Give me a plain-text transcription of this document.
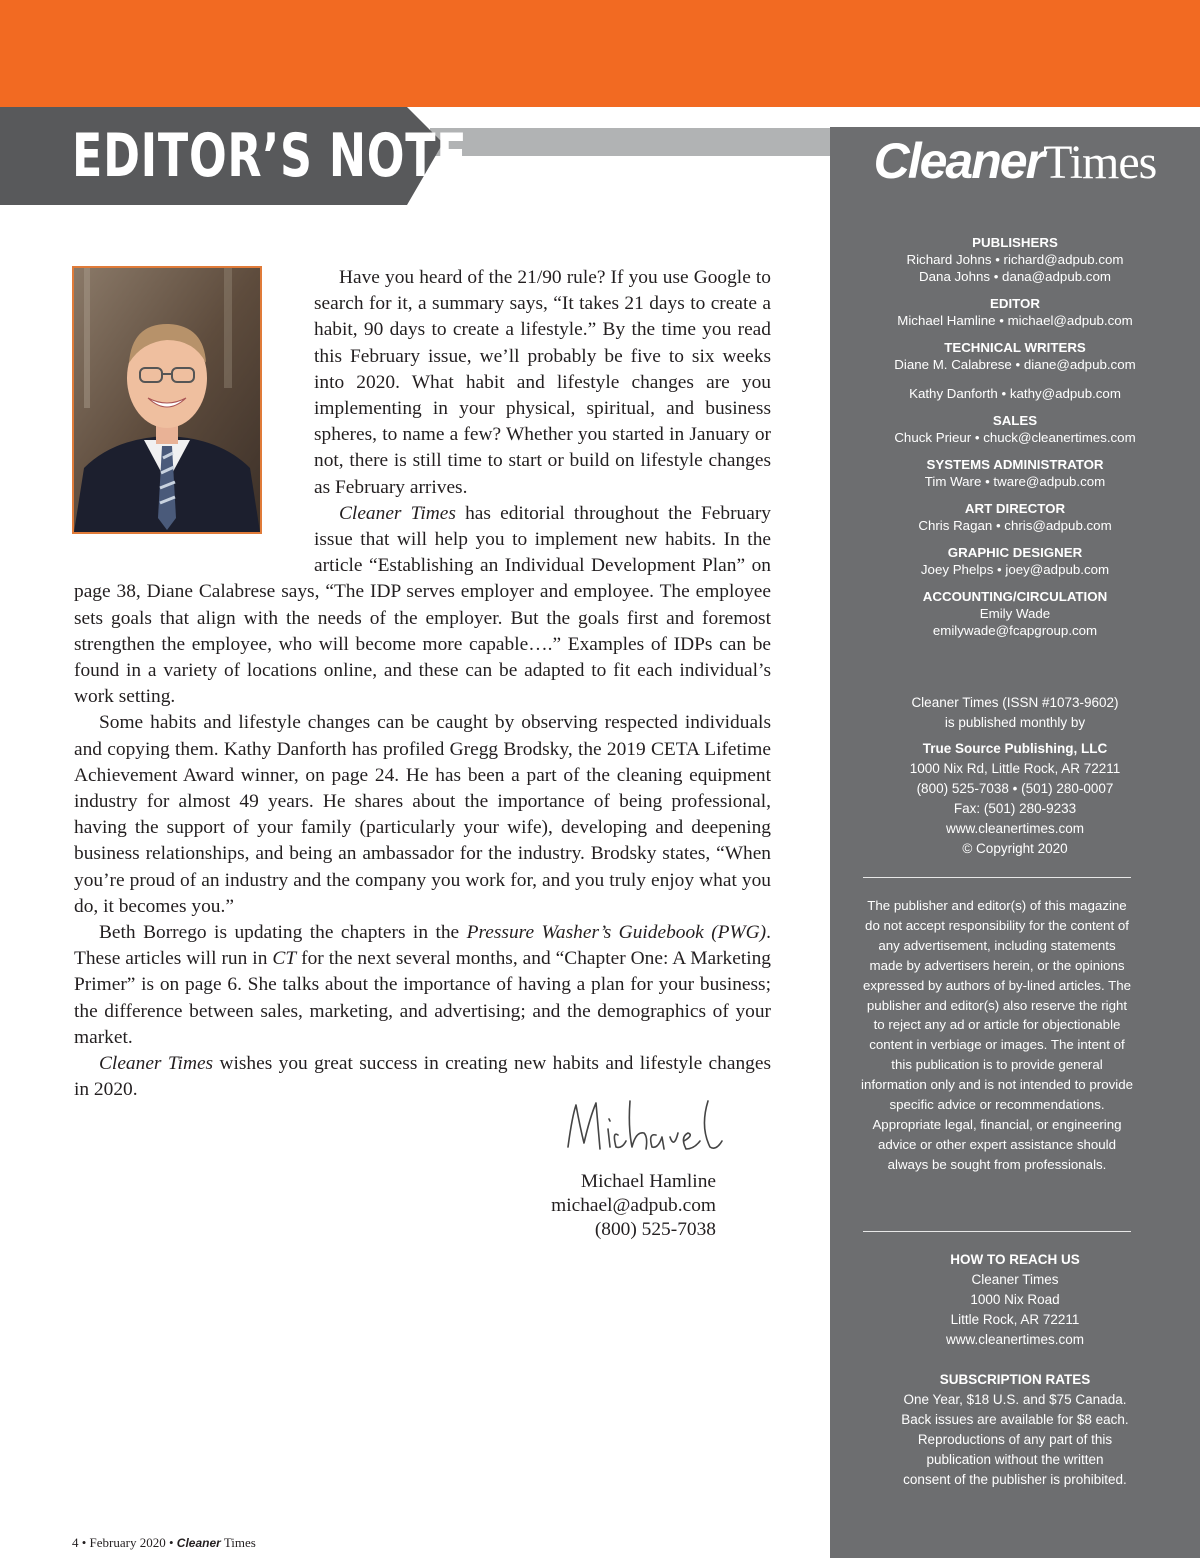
EDITOR’S NOTE	CleanerTimes
PUBLISHERS
Richard Johns • richard@adpub.com
Dana Johns • dana@adpub.com
EDITOR
Michael Hamline • michael@adpub.com
TECHNICAL WRITERS
Diane M. Calabrese • diane@adpub.com
Kathy Danforth • kathy@adpub.com
SALES
Chuck Prieur • chuck@cleanertimes.com
SYSTEMS ADMINISTRATOR
Tim Ware • tware@adpub.com
ART DIRECTOR
Chris Ragan • chris@adpub.com
GRAPHIC DESIGNER
Joey Phelps • joey@adpub.com
ACCOUNTING/CIRCULATION
Emily Wade
emilywade@fcapgroup.com
Cleaner Times (ISSN #1073-9602)
is published monthly by
True Source Publishing, LLC
1000 Nix Rd, Little Rock, AR 72211
(800) 525-7038 • (501) 280-0007
Fax: (501) 280-9233
www.cleanertimes.com
© Copyright 2020
The publisher and editor(s) of this magazine do not accept responsibility for the content of any advertisement, including statements made by advertisers herein, or the opinions expressed by authors of by-lined articles. The publisher and editor(s) also reserve the right to reject any ad or article for objectionable content in verbiage or images. The intent of this publication is to provide general information only and is not intended to provide specific advice or recommendations. Appropriate legal, financial, or engineering advice or other expert assistance should always be sought from professionals.
HOW TO REACH US
Cleaner Times
1000 Nix Road
Little Rock, AR 72211
www.cleanertimes.com
SUBSCRIPTION RATES
One Year, $18 U.S. and $75 Canada.
Back issues are available for $8 each.
Reproductions of any part of this
publication without the written
consent of the publisher is prohibited.

Have you heard of the 21/90 rule? If you use Google to search for it, a summary says, “It takes 21 days to create a habit, 90 days to create a lifestyle.” By the time you read this February issue, we’ll probably be five to six weeks into 2020. What habit and lifestyle changes are you implementing in your physical, spiritual, and business spheres, to name a few? Whether you started in January or not, there is still time to start or build on lifestyle changes as February arrives.

Cleaner Times has editorial throughout the February issue that will help you to implement new habits. In the article “Establishing an Individual Development Plan” on page 38, Diane Calabrese says, “The IDP serves employer and employee. The employee sets goals that align with the needs of the employer. But the goals first and foremost strengthen the employee, who will become more capable….” Examples of IDPs can be found in a variety of locations online, and these can be adapted to fit each individual’s work setting.

Some habits and lifestyle changes can be caught by observing respected individuals and copying them. Kathy Danforth has profiled Gregg Brodsky, the 2019 CETA Lifetime Achievement Award winner, on page 24. He has been a part of the cleaning equipment industry for almost 49 years. He shares about the importance of being professional, having the support of your family (particularly your wife), developing and deepening business relationships, and being an ambassador for the industry. Brodsky states, “When you’re proud of an industry and the company you work for, and you truly enjoy what you do, it becomes you.”

Beth Borrego is updating the chapters in the Pressure Washer’s Guidebook (PWG). These articles will run in CT for the next several months, and “Chapter One: A Marketing Primer” is on page 6. She talks about the importance of having a plan for your business; the difference between sales, marketing, and advertising; and the demographics of your market.

Cleaner Times wishes you great success in creating new habits and lifestyle changes in 2020.

Michael Hamline
michael@adpub.com
(800) 525-7038
4 • February 2020 • Cleaner Times
